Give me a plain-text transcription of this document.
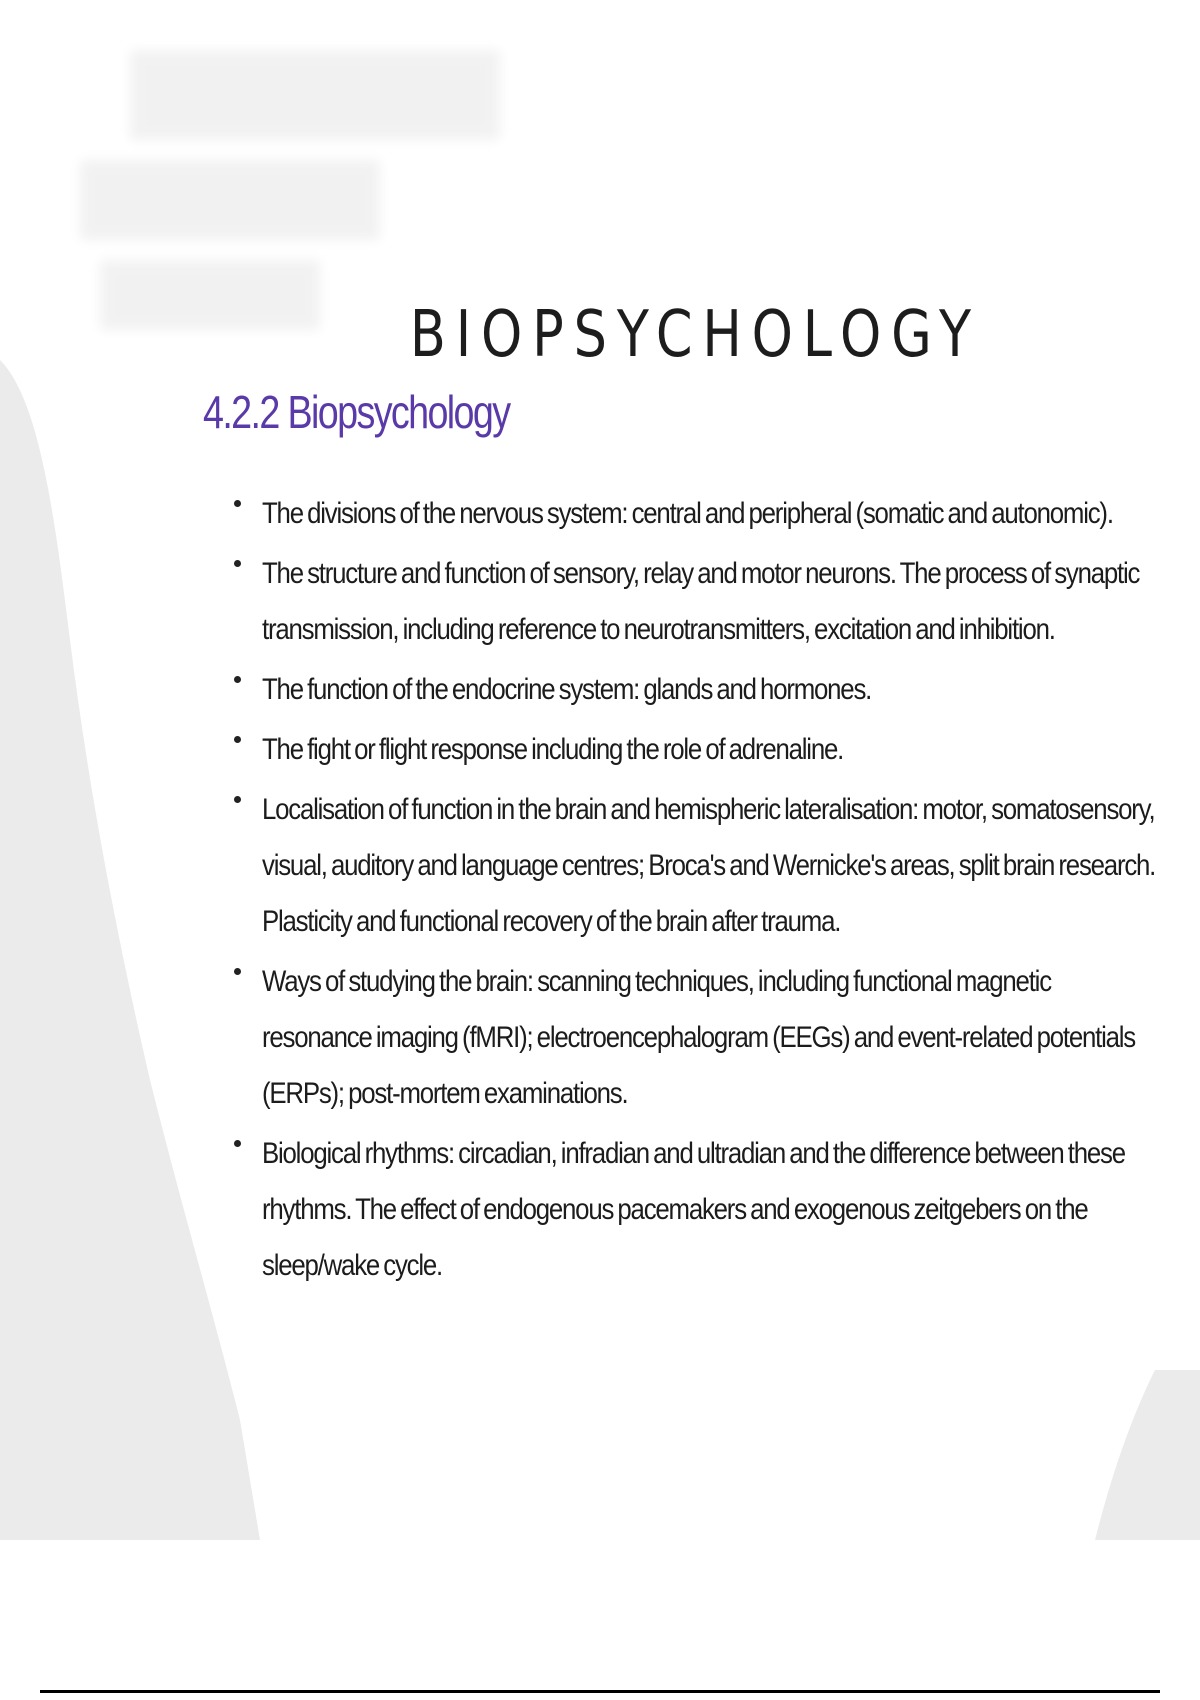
BIOPSYCHOLOGY
4.2.2 Biopsychology
The divisions of the nervous system: central and peripheral (somatic and autonomic).
The structure and function of sensory, relay and motor neurons. The process of synaptic transmission, including reference to neurotransmitters, excitation and inhibition.
The function of the endocrine system: glands and hormones.
The fight or flight response including the role of adrenaline.
Localisation of function in the brain and hemispheric lateralisation: motor, somatosensory, visual, auditory and language centres; Broca's and Wernicke's areas, split brain research. Plasticity and functional recovery of the brain after trauma.
Ways of studying the brain: scanning techniques, including functional magnetic resonance imaging (fMRI); electroencephalogram (EEGs) and event-related potentials (ERPs); post-mortem examinations.
Biological rhythms: circadian, infradian and ultradian and the difference between these rhythms. The effect of endogenous pacemakers and exogenous zeitgebers on the sleep/wake cycle.
